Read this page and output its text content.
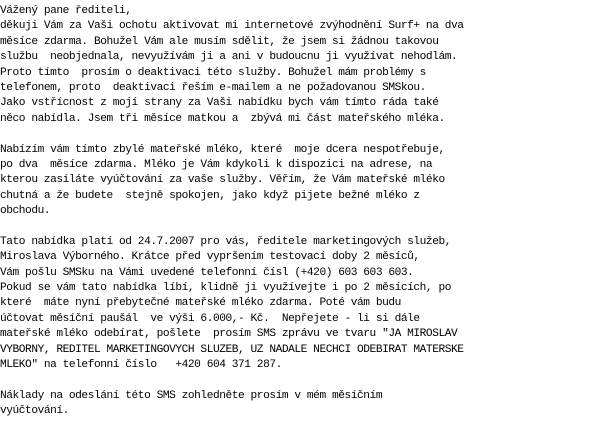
Vážený pane řediteli,
děkuji Vám za Vaši ochotu aktivovat mi internetové zvýhodnění Surf+ na dva
měsíce zdarma. Bohužel Vám ale musím sdělit, že jsem si žádnou takovou
službu  neobjednala, nevyužívám ji a ani v budoucnu ji využívat nehodlám.
Proto tímto  prosím o deaktivaci této služby. Bohužel mám problémy s
telefonem, proto  deaktivaci řeším e-mailem a ne požadovanou SMSkou.
Jako vstřícnost z mojí strany za Vaši nabídku bych vám tímto ráda také
něco nabídla. Jsem tři měsíce matkou a  zbývá mi část mateřského mléka.
Nabízím vám tímto zbylé mateřské mléko, které  moje dcera nespotřebuje,
po dva  měsíce zdarma. Mléko je Vám kdykoli k dispozici na adrese, na
kterou zasíláte vyúčtování za vaše služby. Věřím, že Vám mateřské mléko
chutná a že budete  stejně spokojen, jako když pijete bežné mléko z
obchodu.
Tato nabídka platí od 24.7.2007 pro vás, ředitele marketingových služeb,
Miroslava Výborného. Krátce před vypršením testovací doby 2 měsíců,
Vám pošlu SMSku na Vámi uvedené telefonní čísl (+420) 603 603 603.
Pokud se vám tato nabídka líbí, klidně ji využívejte i po 2 měsících, po
které  máte nyní přebytečné mateřské mléko zdarma. Poté vám budu
účtovat měsíční paušál  ve výši 6.000,- Kč.  Nepřejete - li si dále
mateřské mléko odebírat, pošlete  prosím SMS zprávu ve tvaru "JA MIROSLAV
VYBORNY, REDITEL MARKETINGOVYCH SLUZEB, UZ NADALE NECHCI ODEBIRAT MATERSKE
MLEKO" na telefonní číslo   +420 604 371 287.
Náklady na odeslání této SMS zohledněte prosím v mém měsíčním
vyúčtování.
